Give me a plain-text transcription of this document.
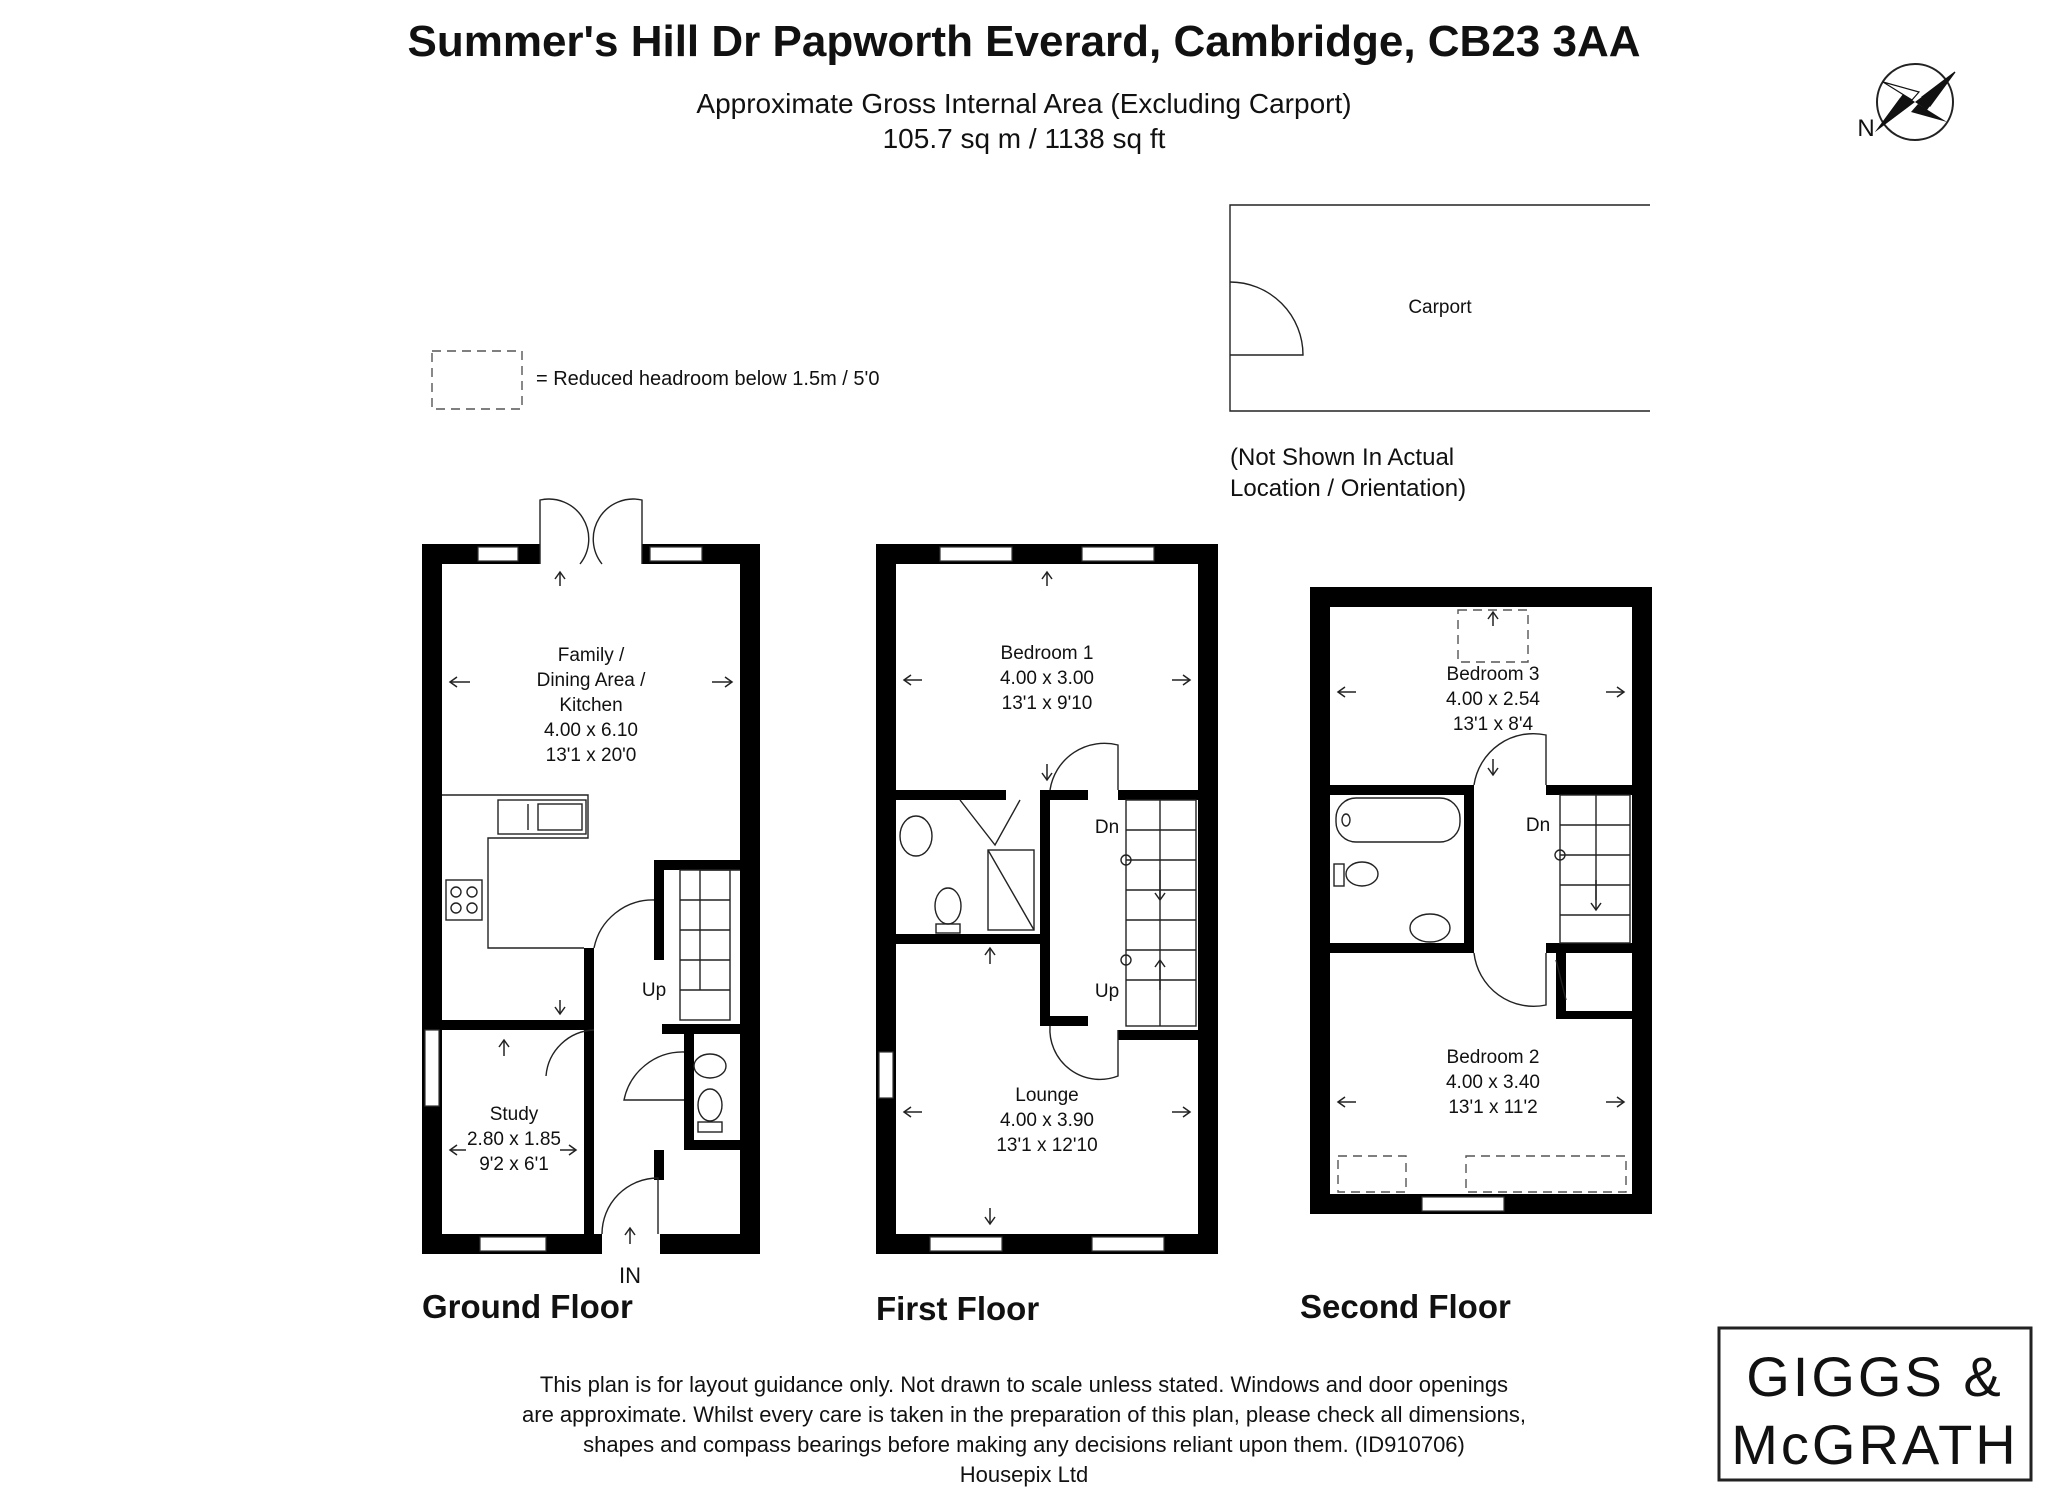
Summer's Hill Dr Papworth Everard, Cambridge, CB23 3AA
Approximate Gross Internal Area (Excluding Carport)
105.7 sq m / 1138 sq ft	N
= Reduced headroom below 1.5m / 5'0
Carport
(Not Shown In Actual
Location / Orientation)
Family /
Dining Area /
Kitchen
4.00 x 6.10
13'1 x 20'0
Study
2.80 x 1.85
9'2 x 6'1
Up
IN
Ground Floor
Bedroom 1
4.00 x 3.00
13'1 x 9'10
Lounge
4.00 x 3.90
13'1 x 12'10
Dn
Up
First Floor
Bedroom 3
4.00 x 2.54
13'1 x 8'4
Bedroom 2
4.00 x 3.40
13'1 x 11'2
Dn
Second Floor
This plan is for layout guidance only. Not drawn to scale unless stated. Windows and door openings
are approximate. Whilst every care is taken in the preparation of this plan, please check all dimensions,
shapes and compass bearings before making any decisions reliant upon them. (ID910706)
Housepix Ltd
GIGGS &
McGRATH
